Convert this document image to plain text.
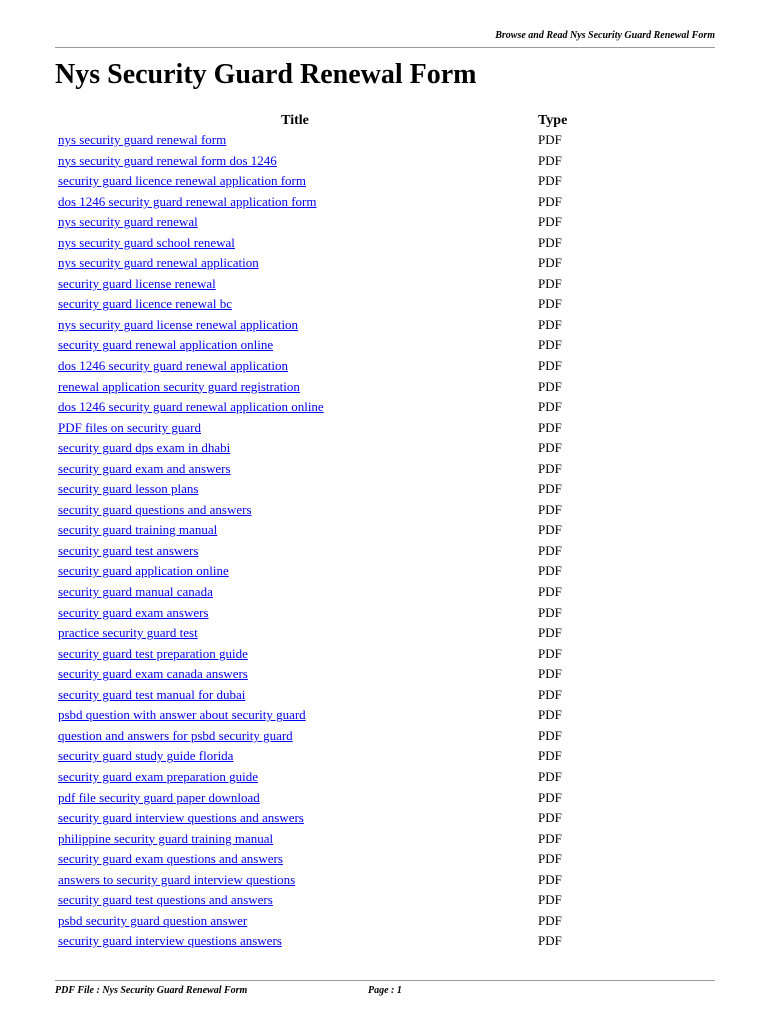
Browse and Read Nys Security Guard Renewal Form
Nys Security Guard Renewal Form
Title	Type
nys security guard renewal form	PDF
nys security guard renewal form dos 1246	PDF
security guard licence renewal application form	PDF
dos 1246 security guard renewal application form	PDF
nys security guard renewal	PDF
nys security guard school renewal	PDF
nys security guard renewal application	PDF
security guard license renewal	PDF
security guard licence renewal bc	PDF
nys security guard license renewal application	PDF
security guard renewal application online	PDF
dos 1246 security guard renewal application	PDF
renewal application security guard registration	PDF
dos 1246 security guard renewal application online	PDF
PDF files on security guard	PDF
security guard dps exam in dhabi	PDF
security guard exam and answers	PDF
security guard lesson plans	PDF
security guard questions and answers	PDF
security guard training manual	PDF
security guard test answers	PDF
security guard application online	PDF
security guard manual canada	PDF
security guard exam answers	PDF
practice security guard test	PDF
security guard test preparation guide	PDF
security guard exam canada answers	PDF
security guard test manual for dubai	PDF
psbd question with answer about security guard	PDF
question and answers for psbd security guard	PDF
security guard study guide florida	PDF
security guard exam preparation guide	PDF
pdf file security guard paper download	PDF
security guard interview questions and answers	PDF
philippine security guard training manual	PDF
security guard exam questions and answers	PDF
answers to security guard interview questions	PDF
security guard test questions and answers	PDF
psbd security guard question answer	PDF
security guard interview questions answers	PDF
PDF File : Nys Security Guard Renewal Form	Page : 1
